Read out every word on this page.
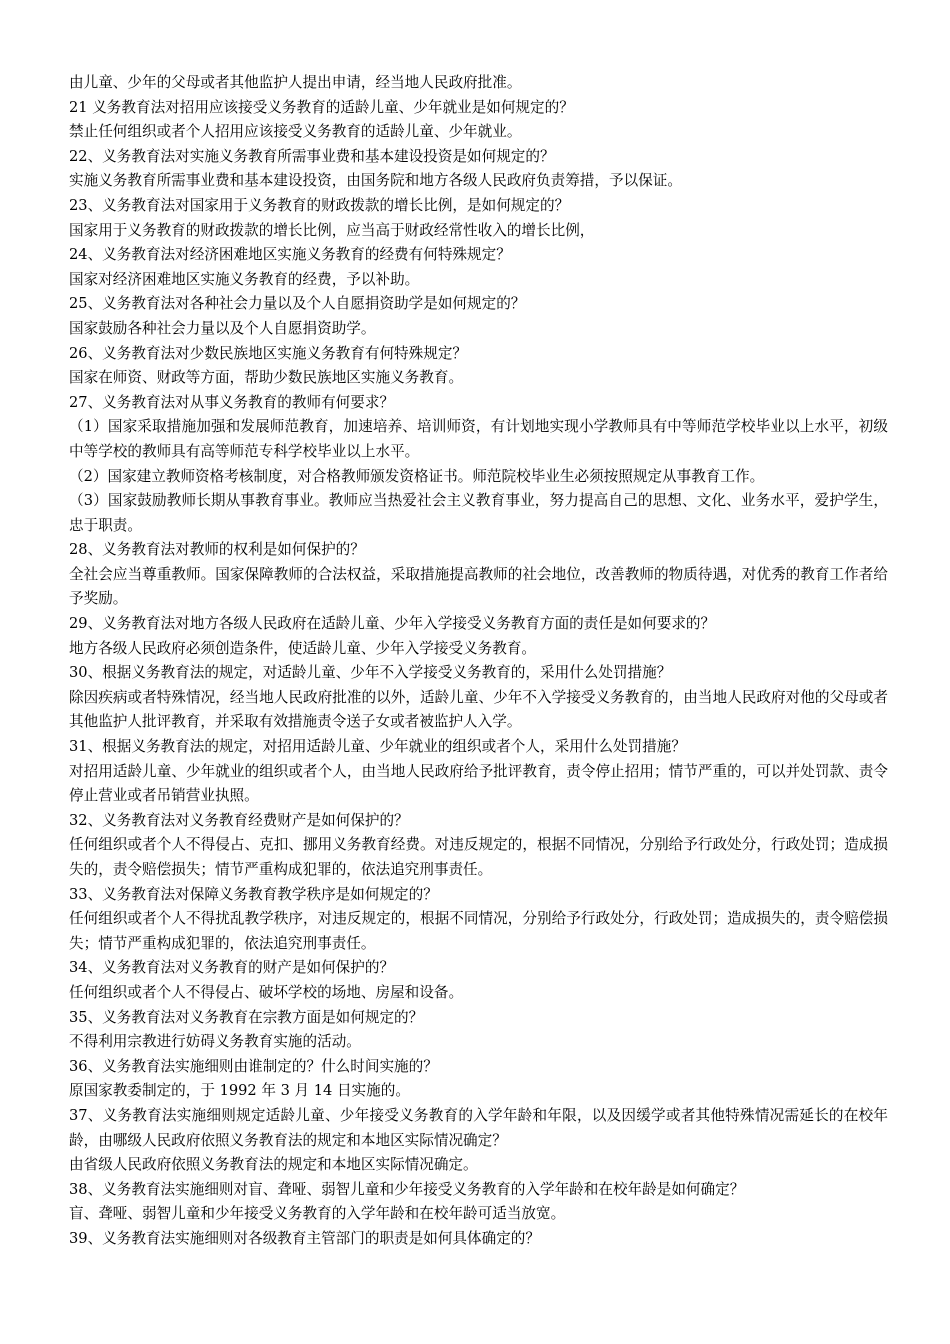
由儿童、少年的父母或者其他监护人提出申请，经当地人民政府批准。

21 义务教育法对招用应该接受义务教育的适龄儿童、少年就业是如何规定的？

禁止任何组织或者个人招用应该接受义务教育的适龄儿童、少年就业。

22、义务教育法对实施义务教育所需事业费和基本建设投资是如何规定的？

实施义务教育所需事业费和基本建设投资，由国务院和地方各级人民政府负责筹措，予以保证。

23、义务教育法对国家用于义务教育的财政拨款的增长比例，是如何规定的？

国家用于义务教育的财政拨款的增长比例，应当高于财政经常性收入的增长比例，

24、义务教育法对经济困难地区实施义务教育的经费有何特殊规定？

国家对经济困难地区实施义务教育的经费，予以补助。

25、义务教育法对各种社会力量以及个人自愿捐资助学是如何规定的？

国家鼓励各种社会力量以及个人自愿捐资助学。

26、义务教育法对少数民族地区实施义务教育有何特殊规定？

国家在师资、财政等方面，帮助少数民族地区实施义务教育。

27、义务教育法对从事义务教育的教师有何要求？

（1）国家采取措施加强和发展师范教育，加速培养、培训师资，有计划地实现小学教师具有中等师范学校毕业以上水平，初级中等学校的教师具有高等师范专科学校毕业以上水平。

（2）国家建立教师资格考核制度，对合格教师颁发资格证书。师范院校毕业生必须按照规定从事教育工作。

（3）国家鼓励教师长期从事教育事业。教师应当热爱社会主义教育事业，努力提高自己的思想、文化、业务水平，爱护学生，忠于职责。

28、义务教育法对教师的权利是如何保护的？

全社会应当尊重教师。国家保障教师的合法权益，采取措施提高教师的社会地位，改善教师的物质待遇，对优秀的教育工作者给予奖励。

29、义务教育法对地方各级人民政府在适龄儿童、少年入学接受义务教育方面的责任是如何要求的？

地方各级人民政府必须创造条件，使适龄儿童、少年入学接受义务教育。

30、根据义务教育法的规定，对适龄儿童、少年不入学接受义务教育的，采用什么处罚措施？

除因疾病或者特殊情况，经当地人民政府批准的以外，适龄儿童、少年不入学接受义务教育的，由当地人民政府对他的父母或者其他监护人批评教育，并采取有效措施责令送子女或者被监护人入学。

31、根据义务教育法的规定，对招用适龄儿童、少年就业的组织或者个人，采用什么处罚措施？

对招用适龄儿童、少年就业的组织或者个人，由当地人民政府给予批评教育，责令停止招用；情节严重的，可以并处罚款、责令停止营业或者吊销营业执照。

32、义务教育法对义务教育经费财产是如何保护的？

任何组织或者个人不得侵占、克扣、挪用义务教育经费。对违反规定的，根据不同情况，分别给予行政处分，行政处罚；造成损失的，责令赔偿损失；情节严重构成犯罪的，依法追究刑事责任。

33、义务教育法对保障义务教育教学秩序是如何规定的？

任何组织或者个人不得扰乱教学秩序，对违反规定的，根据不同情况，分别给予行政处分，行政处罚；造成损失的，责令赔偿损失；情节严重构成犯罪的，依法追究刑事责任。

34、义务教育法对义务教育的财产是如何保护的？

任何组织或者个人不得侵占、破坏学校的场地、房屋和设备。

35、义务教育法对义务教育在宗教方面是如何规定的？

不得利用宗教进行妨碍义务教育实施的活动。

36、义务教育法实施细则由谁制定的？什么时间实施的？

原国家教委制定的，于 1992 年 3 月 14 日实施的。

37、义务教育法实施细则规定适龄儿童、少年接受义务教育的入学年龄和年限，以及因缓学或者其他特殊情况需延长的在校年龄，由哪级人民政府依照义务教育法的规定和本地区实际情况确定？

由省级人民政府依照义务教育法的规定和本地区实际情况确定。

38、义务教育法实施细则对盲、聋哑、弱智儿童和少年接受义务教育的入学年龄和在校年龄是如何确定？

盲、聋哑、弱智儿童和少年接受义务教育的入学年龄和在校年龄可适当放宽。

39、义务教育法实施细则对各级教育主管部门的职责是如何具体确定的？
